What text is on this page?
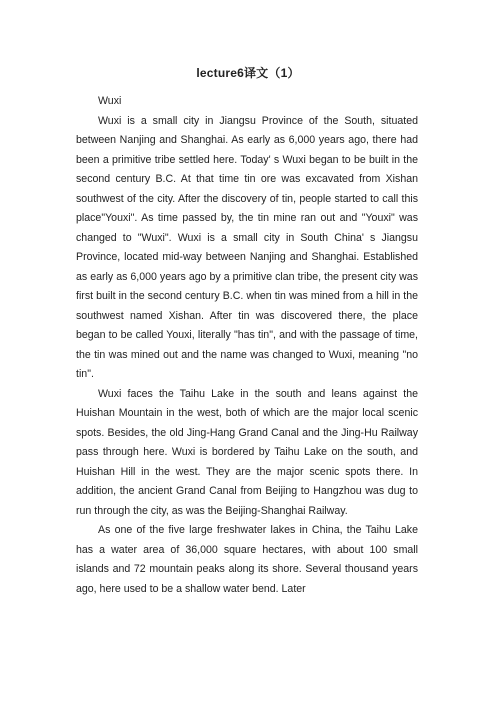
lecture6译文（1）

Wuxi

Wuxi is a small city in Jiangsu Province of the South, situated between Nanjing and Shanghai. As early as 6,000 years ago, there had been a primitive tribe settled here. Today' s Wuxi began to be built in the second century B.C. At that time tin ore was excavated from Xishan southwest of the city. After the discovery of tin, people started to call this place"Youxi". As time passed by, the tin mine ran out and "Youxi" was changed to "Wuxi". Wuxi is a small city in South China' s Jiangsu Province, located mid-way between Nanjing and Shanghai. Established as early as 6,000 years ago by a primitive clan tribe, the present city was first built in the second century B.C. when tin was mined from a hill in the southwest named Xishan. After tin was discovered there, the place began to be called Youxi, literally "has tin", and with the passage of time, the tin was mined out and the name was changed to Wuxi, meaning "no tin".

Wuxi faces the Taihu Lake in the south and leans against the Huishan Mountain in the west, both of which are the major local scenic spots. Besides, the old Jing-Hang Grand Canal and the Jing-Hu Railway pass through here. Wuxi is bordered by Taihu Lake on the south, and Huishan Hill in the west. They are the major scenic spots there. In addition, the ancient Grand Canal from Beijing to Hangzhou was dug to run through the city, as was the Beijing-Shanghai Railway.

As one of the five large freshwater lakes in China, the Taihu Lake has a water area of 36,000 square hectares, with about 100 small islands and 72 mountain peaks along its shore. Several thousand years ago, here used to be a shallow water bend. Later
